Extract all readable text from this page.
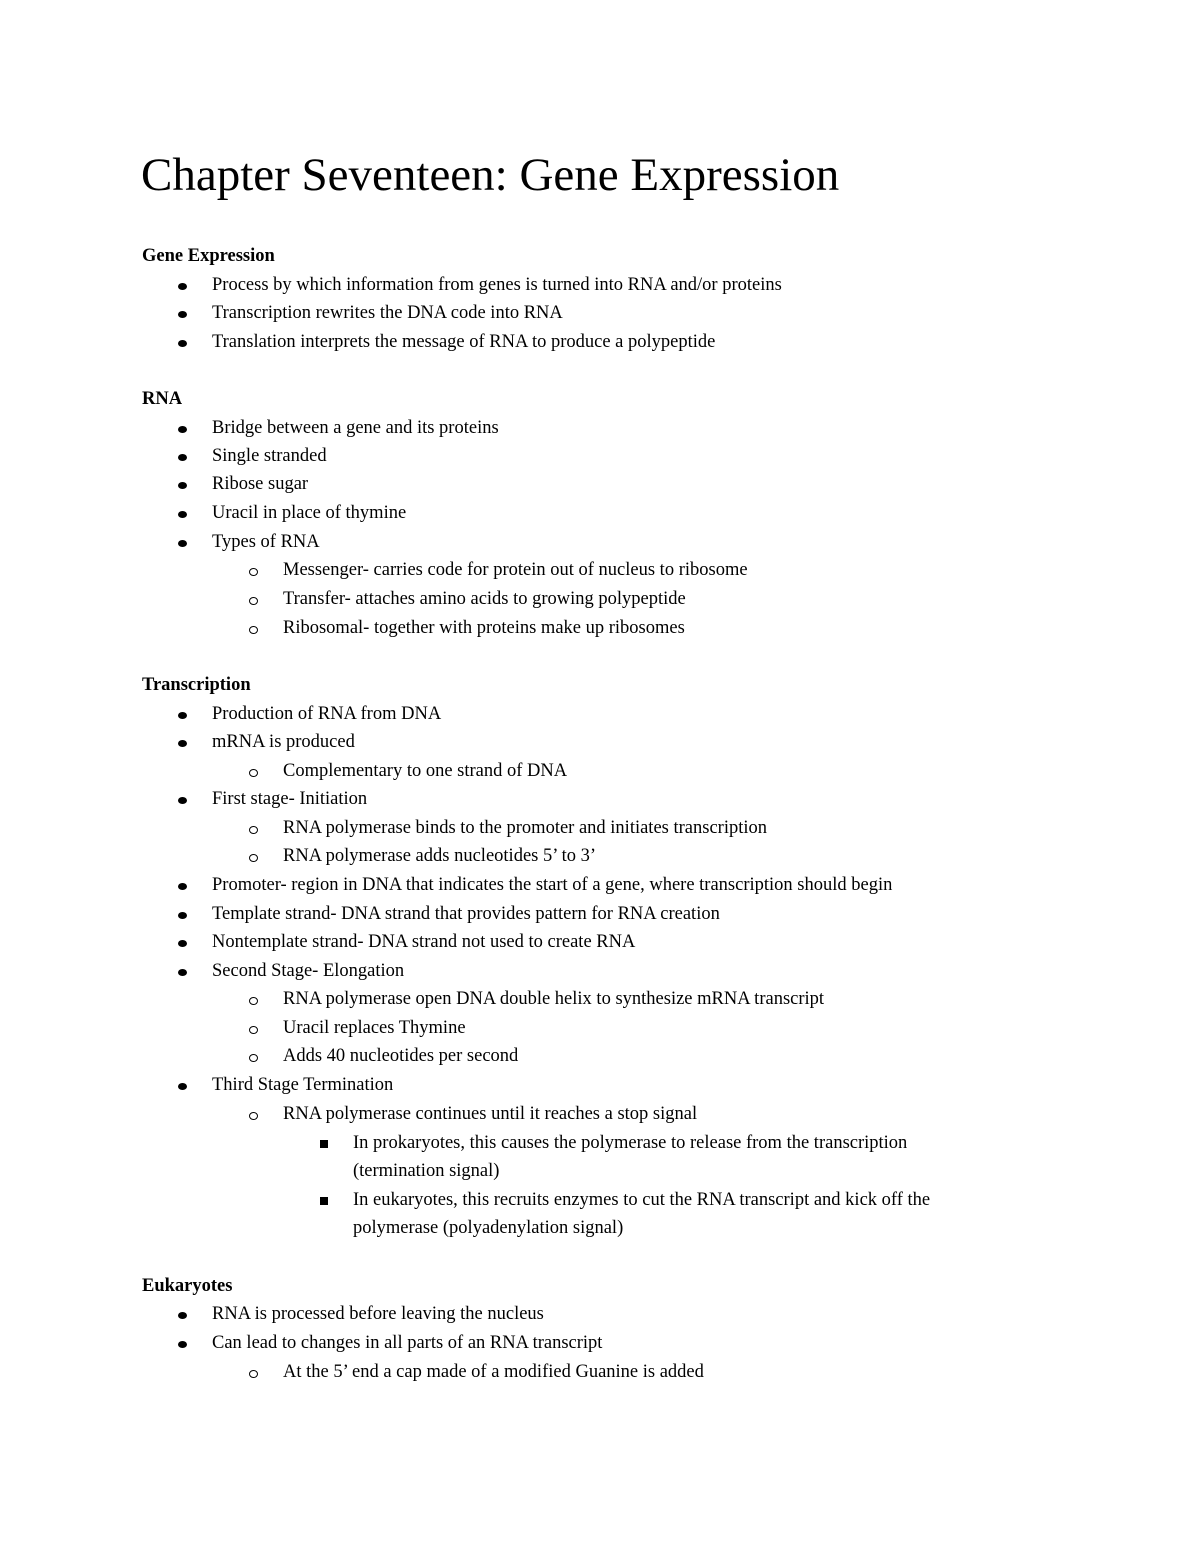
Chapter Seventeen: Gene Expression
Gene Expression
Process by which information from genes is turned into RNA and/or proteins
Transcription rewrites the DNA code into RNA
Translation interprets the message of RNA to produce a polypeptide
RNA
Bridge between a gene and its proteins
Single stranded
Ribose sugar
Uracil in place of thymine
Types of RNA
Messenger- carries code for protein out of nucleus to ribosome
Transfer- attaches amino acids to growing polypeptide
Ribosomal- together with proteins make up ribosomes
Transcription
Production of RNA from DNA
mRNA is produced
Complementary to one strand of DNA
First stage- Initiation
RNA polymerase binds to the promoter and initiates transcription
RNA polymerase adds nucleotides 5’ to 3’
Promoter- region in DNA that indicates the start of a gene, where transcription should begin
Template strand- DNA strand that provides pattern for RNA creation
Nontemplate strand- DNA strand not used to create RNA
Second Stage- Elongation
RNA polymerase open DNA double helix to synthesize mRNA transcript
Uracil replaces Thymine
Adds 40 nucleotides per second
Third Stage Termination
RNA polymerase continues until it reaches a stop signal
In prokaryotes, this causes the polymerase to release from the transcription
(termination signal)
In eukaryotes, this recruits enzymes to cut the RNA transcript and kick off the
polymerase (polyadenylation signal)
Eukaryotes
RNA is processed before leaving the nucleus
Can lead to changes in all parts of an RNA transcript
At the 5’ end a cap made of a modified Guanine is added
